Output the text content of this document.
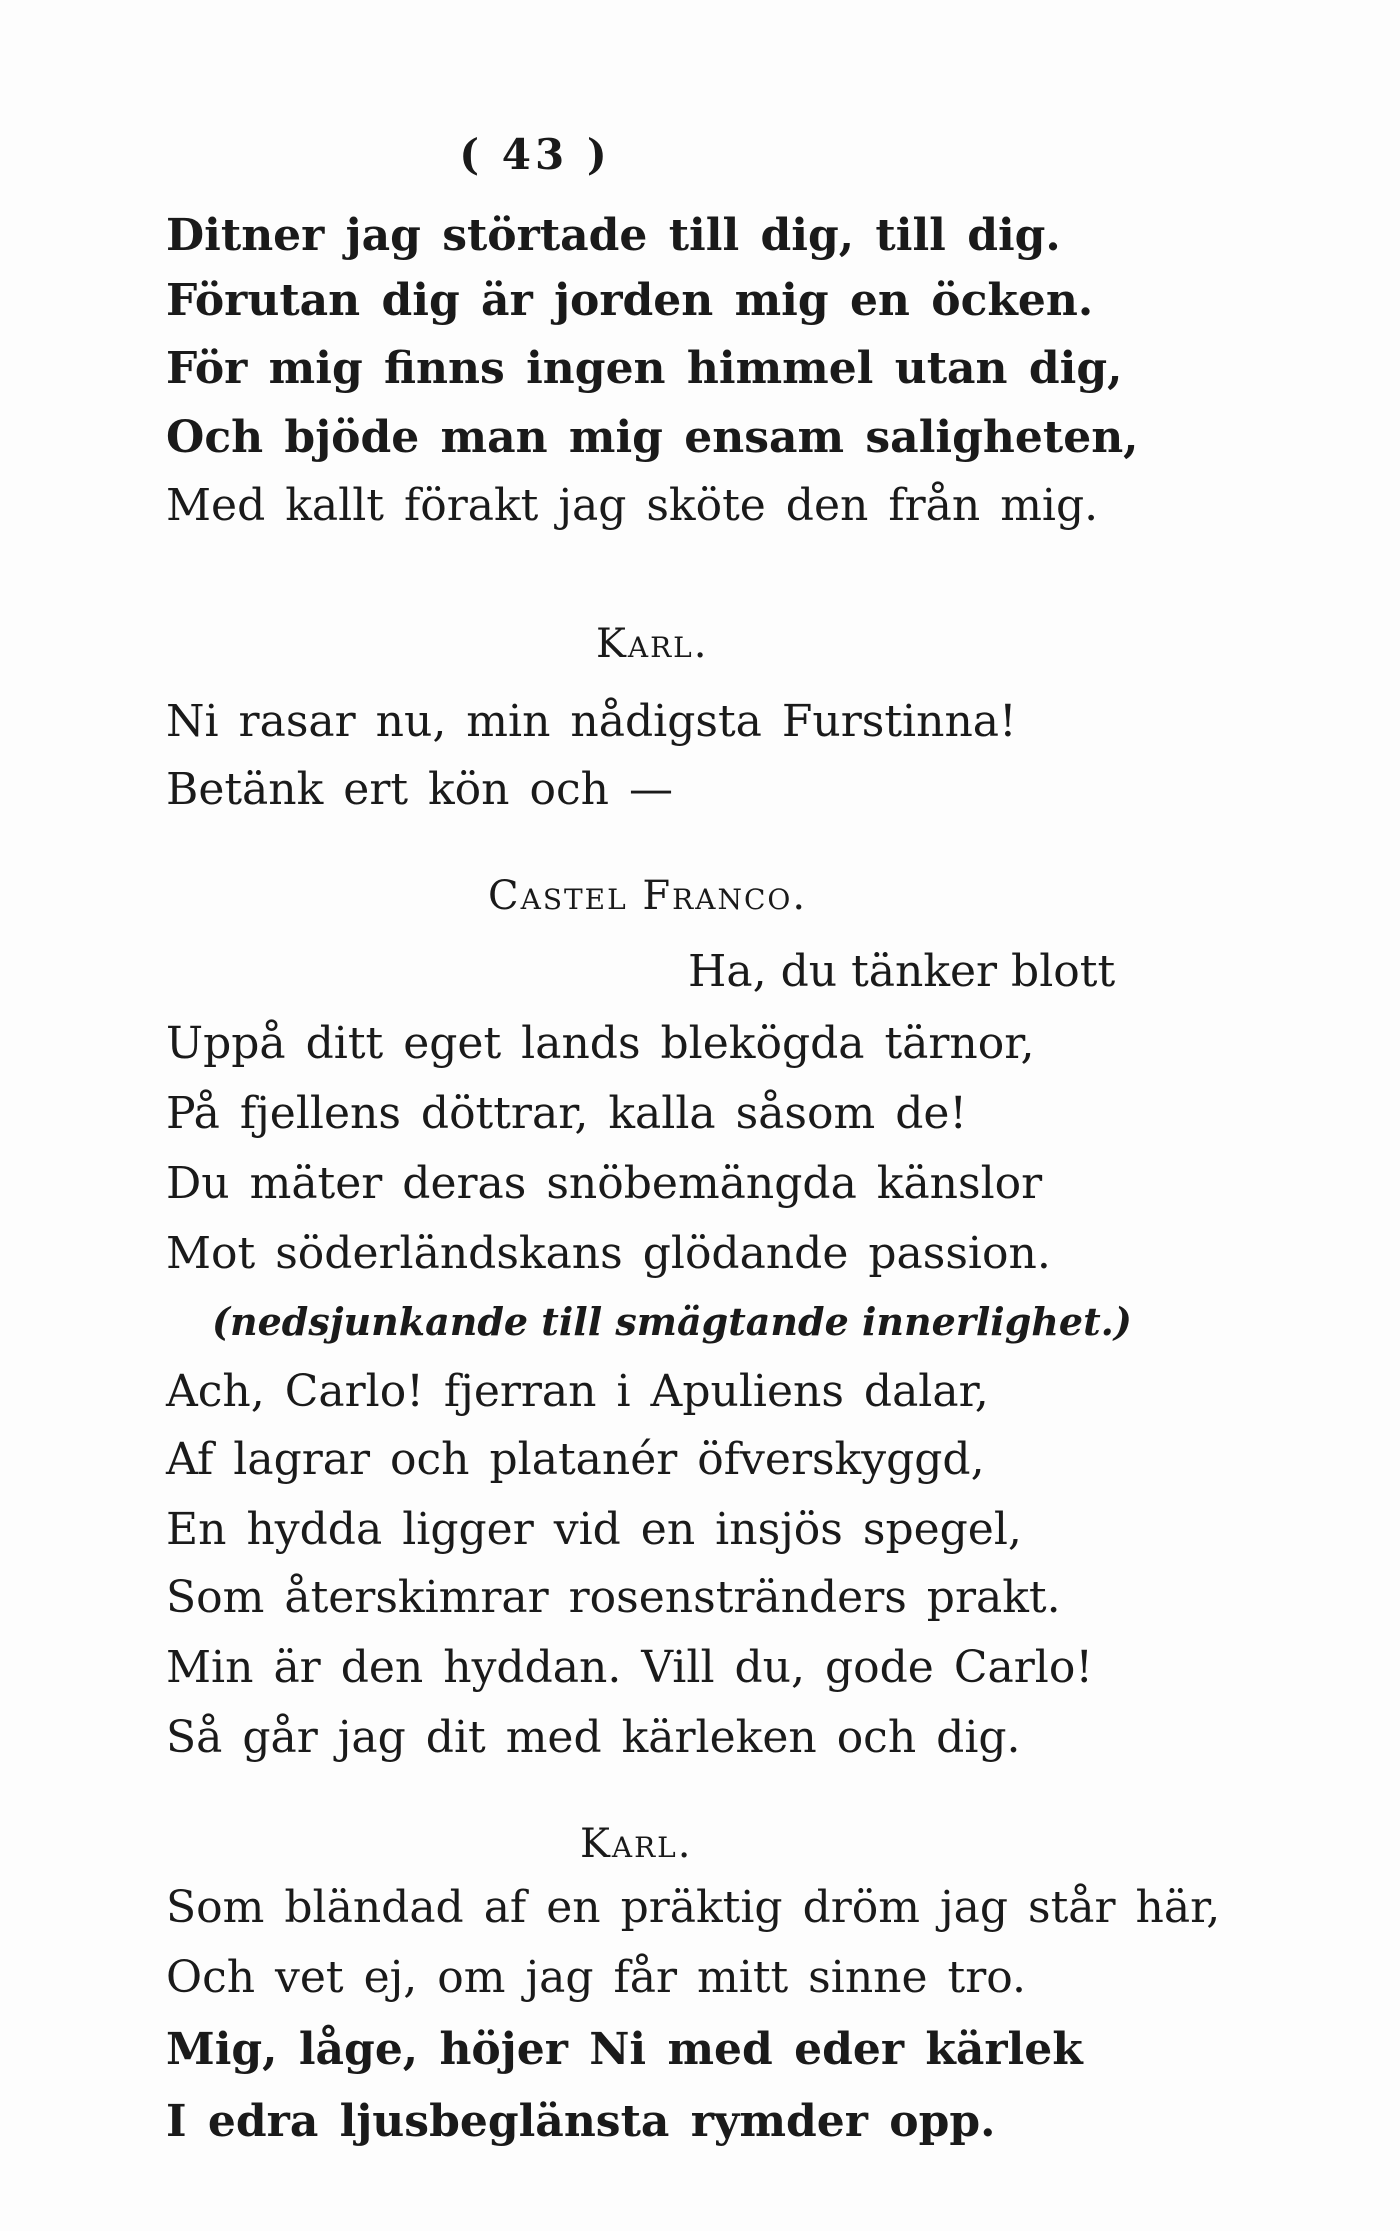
( 43 )
Ditner jag störtade till dig, till dig.
Förutan dig är jorden mig en öcken.
För mig finns ingen himmel utan dig,
Och bjöde man mig ensam saligheten,
Med kallt förakt jag sköte den från mig.
Karl.
Ni rasar nu, min nådigsta Furstinna!
Betänk ert kön och —
Castel Franco.
Ha, du tänker blott
Uppå ditt eget lands blekögda tärnor,
På fjellens döttrar, kalla såsom de!
Du mäter deras snöbemängda känslor
Mot söderländskans glödande passion.
(nedsjunkande till smägtande innerlighet.)
Ach, Carlo! fjerran i Apuliens dalar,
Af lagrar och platanér öfverskyggd,
En hydda ligger vid en insjös spegel,
Som återskimrar rosenstränders prakt.
Min är den hyddan. Vill du, gode Carlo!
Så går jag dit med kärleken och dig.
Karl.
Som bländad af en präktig dröm jag står här,
Och vet ej, om jag får mitt sinne tro.
Mig, låge, höjer Ni med eder kärlek
I edra ljusbeglänsta rymder opp.
